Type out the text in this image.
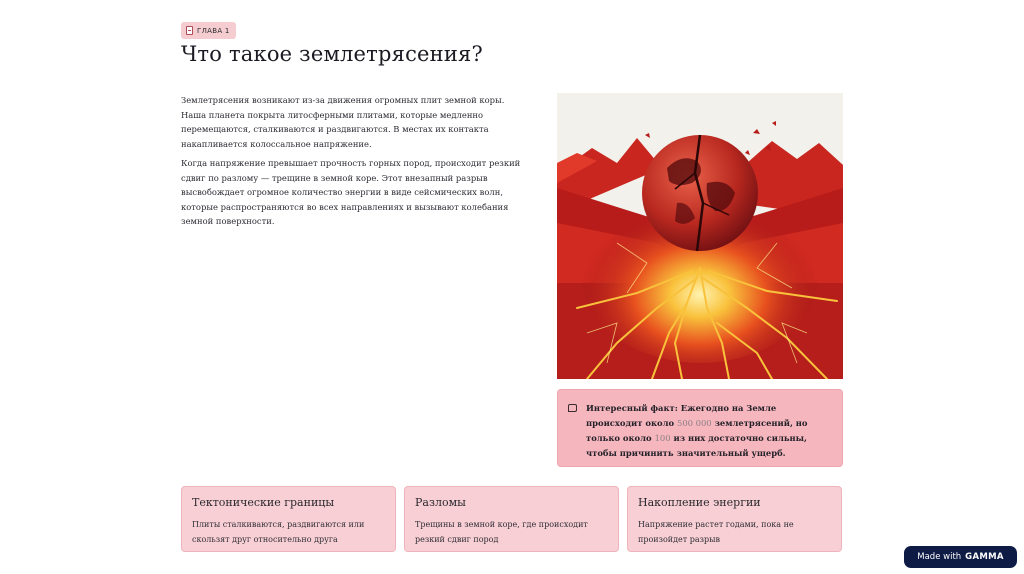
ГЛАВА 1
Что такое землетрясения?

Землетрясения возникают из-за движения огромных плит земной коры. Наша планета покрыта литосферными плитами, которые медленно перемещаются, сталкиваются и раздвигаются. В местах их контакта накапливается колоссальное напряжение.

Когда напряжение превышает прочность горных пород, происходит резкий сдвиг по разлому — трещине в земной коре. Этот внезапный разрыв высвобождает огромное количество энергии в виде сейсмических волн, которые распространяются во всех направлениях и вызывают колебания земной поверхности.

Интересный факт: Ежегодно на Земле происходит около 500 000 землетрясений, но только около 100 из них достаточно сильны, чтобы причинить значительный ущерб.
Тектонические границы
Плиты сталкиваются, раздвигаются или скользят друг относительно друга
Разломы
Трещины в земной коре, где происходит резкий сдвиг пород
Накопление энергии
Напряжение растет годами, пока не произойдет разрыв
Made with GAMMA
